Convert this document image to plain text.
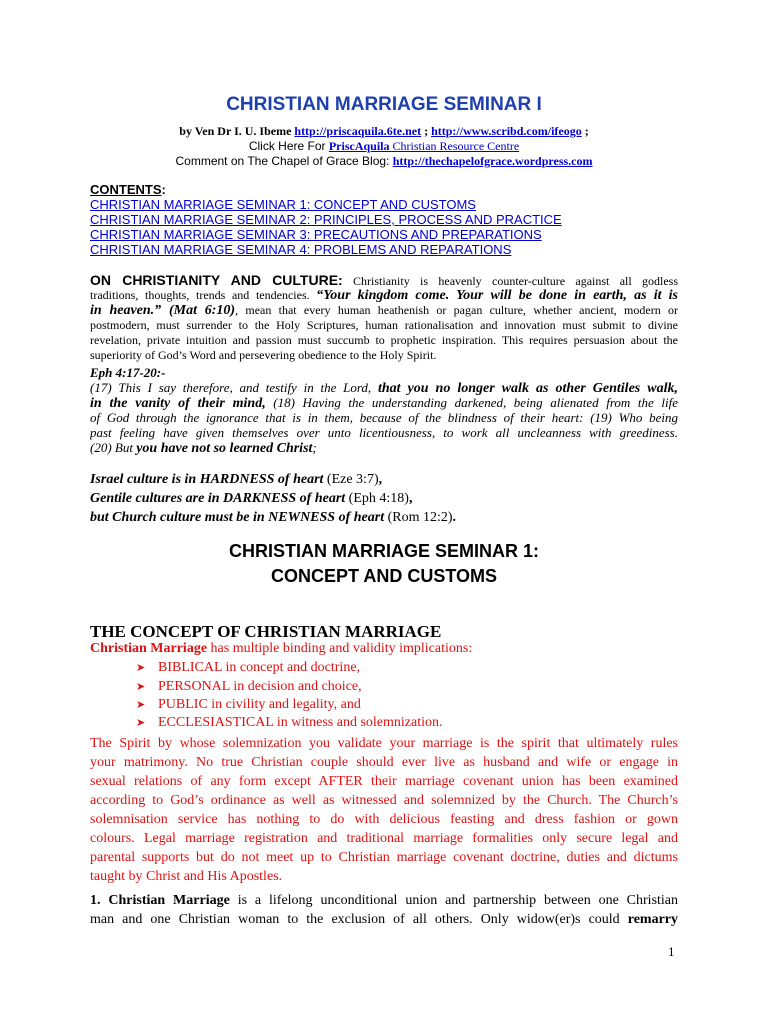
CHRISTIAN MARRIAGE SEMINAR I
by Ven Dr I. U. Ibeme http://priscaquila.6te.net ; http://www.scribd.com/ifeogo ;
Click Here For PriscAquila Christian Resource Centre
Comment on The Chapel of Grace Blog: http://thechapelofgrace.wordpress.com
CONTENTS:
CHRISTIAN MARRIAGE SEMINAR 1: CONCEPT AND CUSTOMS
CHRISTIAN MARRIAGE SEMINAR 2: PRINCIPLES, PROCESS AND PRACTICE
CHRISTIAN MARRIAGE SEMINAR 3: PRECAUTIONS AND PREPARATIONS
CHRISTIAN MARRIAGE SEMINAR 4: PROBLEMS AND REPARATIONS
ON CHRISTIANITY AND CULTURE: Christianity is heavenly counter-culture against all godless
traditions, thoughts, trends and tendencies. “Your kingdom come. Your will be done in earth, as it is
in heaven.” (Mat 6:10), mean that every human heathenish or pagan culture, whether ancient, modern or
postmodern, must surrender to the Holy Scriptures, human rationalisation and innovation must submit to divine
revelation, private intuition and passion must succumb to prophetic inspiration. This requires persuasion about the
superiority of God’s Word and persevering obedience to the Holy Spirit.
Eph 4:17-20:-
(17) This I say therefore, and testify in the Lord, that you no longer walk as other Gentiles walk,
in the vanity of their mind, (18) Having the understanding darkened, being alienated from the life
of God through the ignorance that is in them, because of the blindness of their heart: (19) Who being
past feeling have given themselves over unto licentiousness, to work all uncleanness with greediness.
(20) But you have not so learned Christ;
Israel culture is in HARDNESS of heart (Eze 3:7),
Gentile cultures are in DARKNESS of heart (Eph 4:18),
but Church culture must be in NEWNESS of heart (Rom 12:2).
CHRISTIAN MARRIAGE SEMINAR 1:
CONCEPT AND CUSTOMS
THE CONCEPT OF CHRISTIAN MARRIAGE
Christian Marriage has multiple binding and validity implications:
➤ BIBLICAL in concept and doctrine,
➤ PERSONAL in decision and choice,
➤ PUBLIC in civility and legality, and
➤ ECCLESIASTICAL in witness and solemnization.
The Spirit by whose solemnization you validate your marriage is the spirit that ultimately rules
your matrimony. No true Christian couple should ever live as husband and wife or engage in
sexual relations of any form except AFTER their marriage covenant union has been examined
according to God’s ordinance as well as witnessed and solemnized by the Church. The Church’s
solemnisation service has nothing to do with delicious feasting and dress fashion or gown
colours. Legal marriage registration and traditional marriage formalities only secure legal and
parental supports but do not meet up to Christian marriage covenant doctrine, duties and dictums
taught by Christ and His Apostles.
1. Christian Marriage is a lifelong unconditional union and partnership between one Christian
man and one Christian woman to the exclusion of all others. Only widow(er)s could remarry
1
